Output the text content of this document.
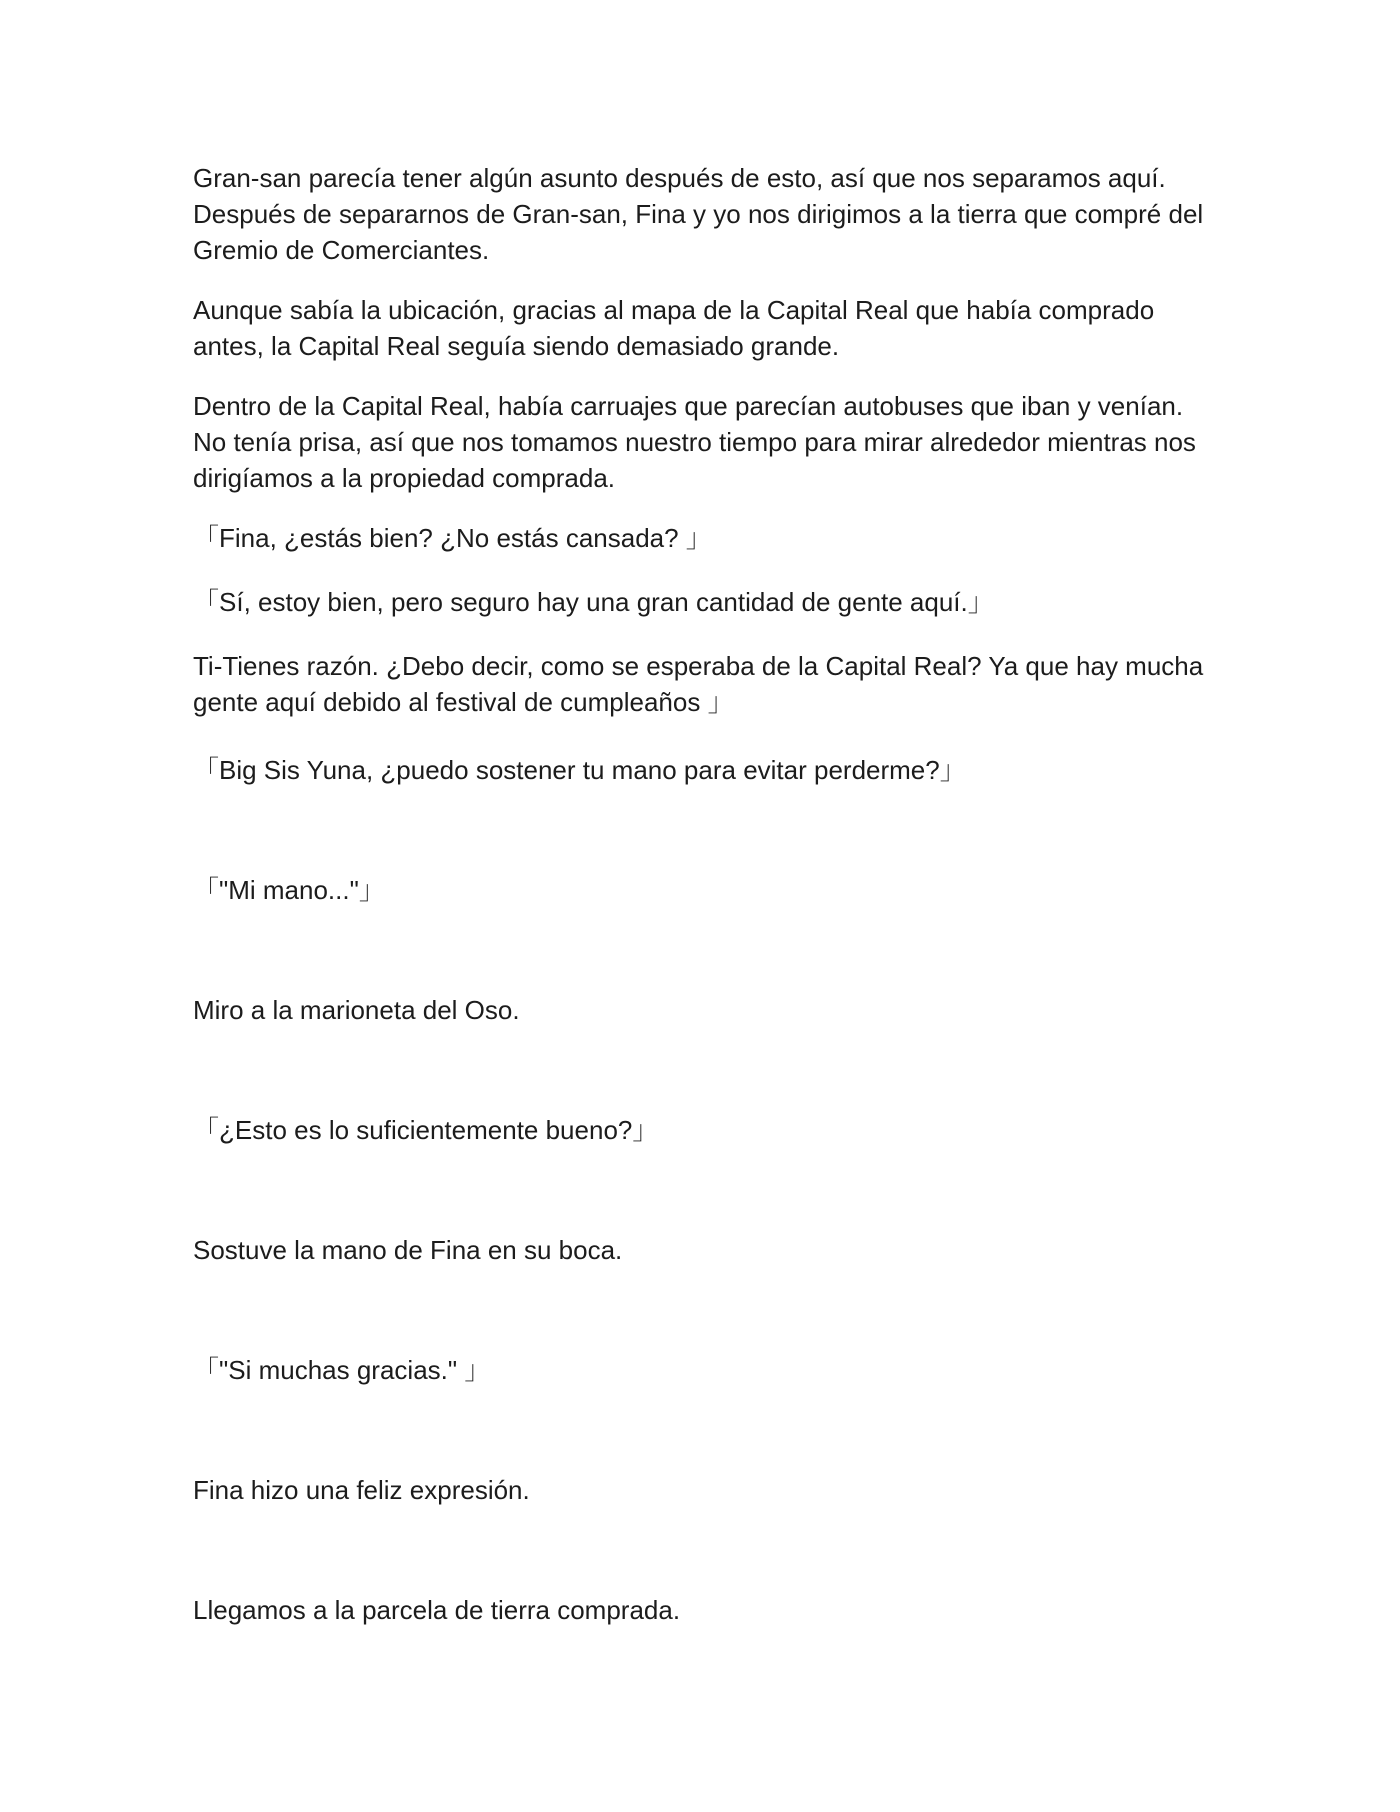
Gran-san parecía tener algún asunto después de esto, así que nos separamos aquí. Después de separarnos de Gran-san, Fina y yo nos dirigimos a la tierra que compré del Gremio de Comerciantes.

Aunque sabía la ubicación, gracias al mapa de la Capital Real que había comprado antes, la Capital Real seguía siendo demasiado grande.

Dentro de la Capital Real, había carruajes que parecían autobuses que iban y venían. No tenía prisa, así que nos tomamos nuestro tiempo para mirar alrededor mientras nos dirigíamos a la propiedad comprada.

「Fina, ¿estás bien? ¿No estás cansada? 」

「Sí, estoy bien, pero seguro hay una gran cantidad de gente aquí.」

Ti-Tienes razón. ¿Debo decir, como se esperaba de la Capital Real? Ya que hay mucha gente aquí debido al festival de cumpleaños 」

「Big Sis Yuna, ¿puedo sostener tu mano para evitar perderme?」

「"Mi mano..."」

Miro a la marioneta del Oso.

「¿Esto es lo suficientemente bueno?」

Sostuve la mano de Fina en su boca.

「"Si muchas gracias." 」

Fina hizo una feliz expresión.

Llegamos a la parcela de tierra comprada.
